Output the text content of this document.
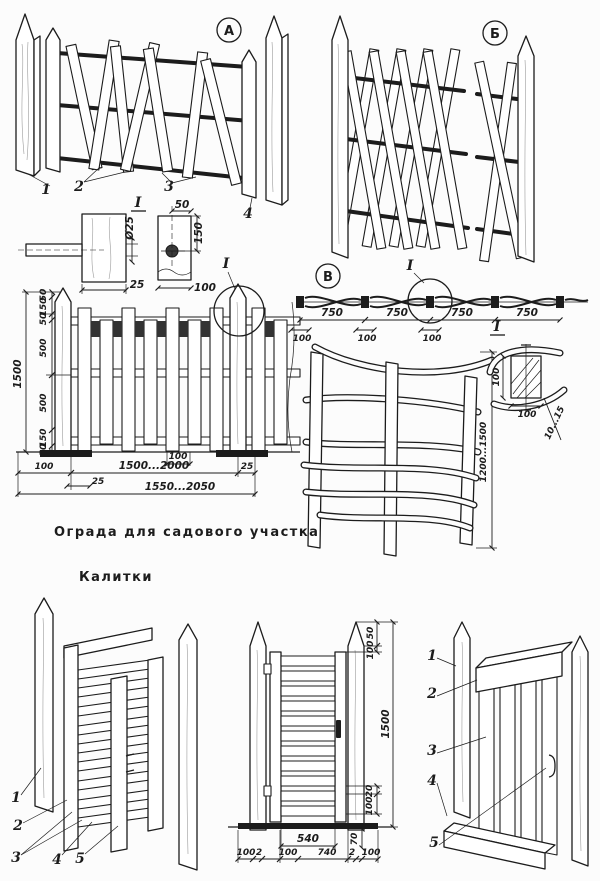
1 2	3
4
А
I
Б
Ø25
25
50
150
100
I
50
150
50
500
500
150
50
1500
100	1500...2000	25
25	1550...2050
100
В
I
750	750	750	750
100	100	100
I
1200...1500
100
100 10...15
Ограда для садового участка
Калитки
1
2
3 4 5
50
100
1500
20
100
70
540
100 2 100 740 2 100
1
2
3
4
5
